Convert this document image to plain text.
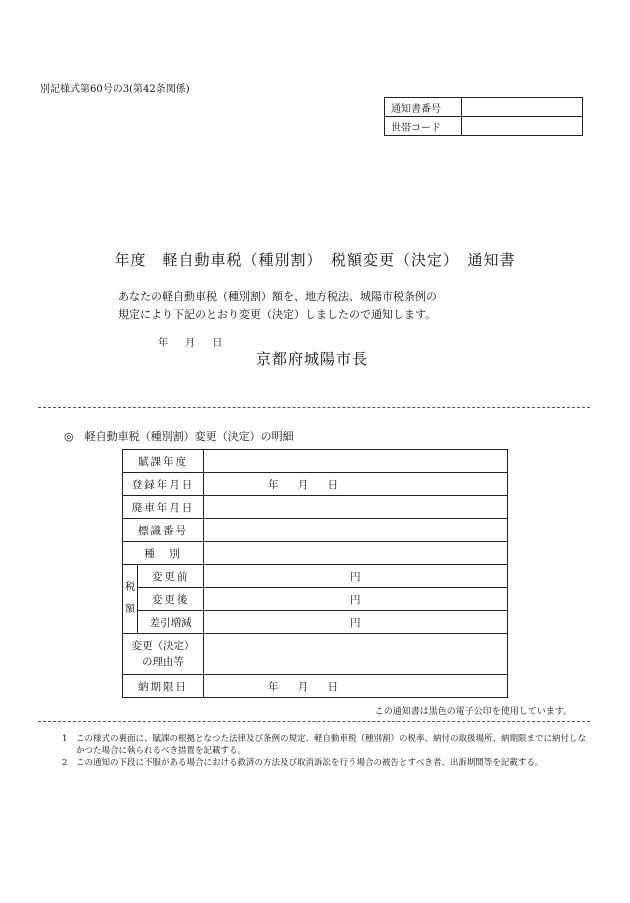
別記様式第60号の3(第42条関係)
通知書番号	
世帯コード	
年度　軽自動車税（種別割）　税額変更（決定）　通知書
あなたの軽自動車税（種別割）額を、地方税法、城陽市税条例の
規定により下記のとおり変更（決定）しましたので通知します。
年 月 日
京都府城陽市長
◎　軽自動車税（種別割）変更（決定）の明細
賦課年度		
登録年月日		年 月 日

廃車年月日		
標識番号		
種　別		

税
額	変更前	円

	変更後	円

	差引増減	円

変更（決定）
の理由等		

納期限日		年 月 日
この通知書は黒色の電子公印を使用しています。
1	この様式の裏面に、賦課の根拠となつた法律及び条例の規定、軽自動車税（種別割）の税率、納付の取扱場所、納期限までに納付しなかつた場合に執られるべき措置を記載する。
2	この通知の下段に不服がある場合における救済の方法及び取消訴訟を行う場合の被告とすべき者、出訴期間等を記載する。
